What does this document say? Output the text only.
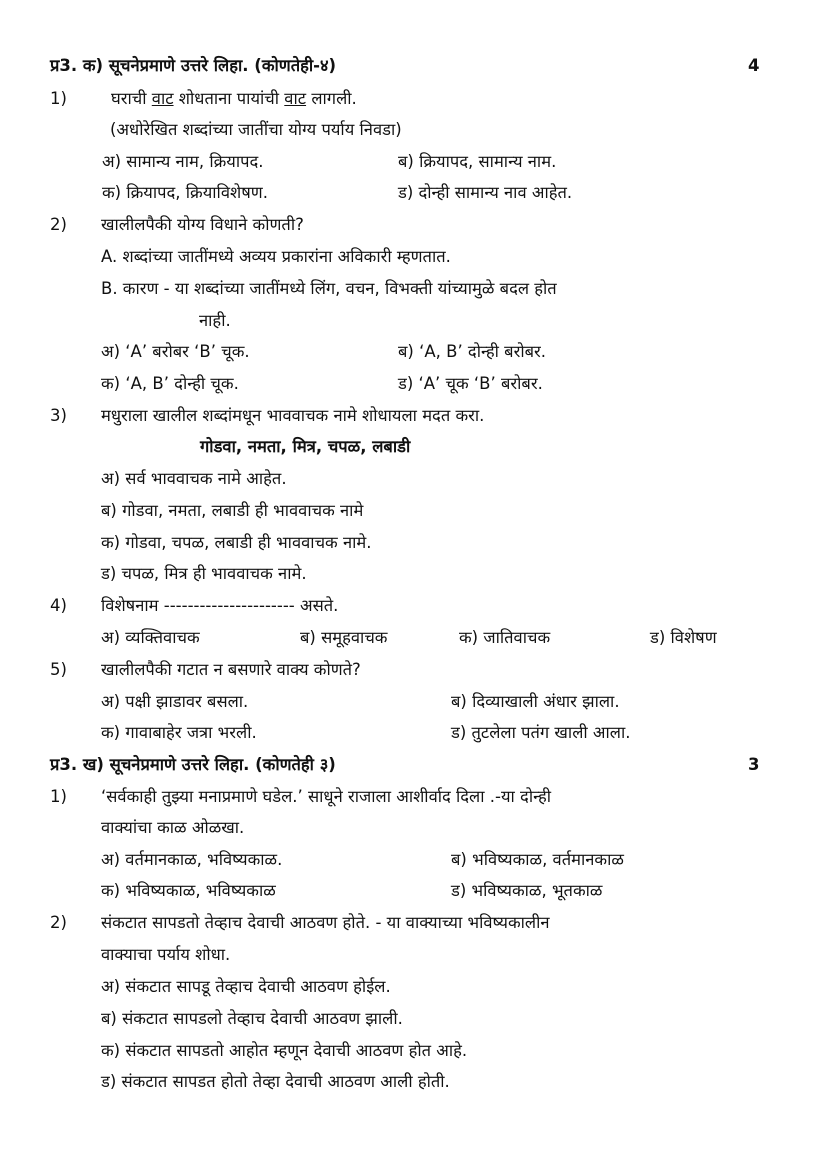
प्र3. क) सूचनेप्रमाणे उत्तरे लिहा. (कोणतेही-४)	4
1)	घराची वाट शोधताना पायांची वाट लागली.
(अधोरेखित शब्दांच्या जातींचा योग्य पर्याय निवडा)
अ) सामान्य नाम, क्रियापद.	ब) क्रियापद, सामान्य नाम.
क) क्रियापद, क्रियाविशेषण.	ड) दोन्ही सामान्य नाव आहेत.
2) खालीलपैकी योग्य विधाने कोणती?
A. शब्दांच्या जातींमध्ये अव्यय प्रकारांना अविकारी म्हणतात.
B. कारण - या शब्दांच्या जातींमध्ये लिंग, वचन, विभक्ती यांच्यामुळे बदल होत
नाही.
अ) ‘A’ बरोबर ‘B’ चूक.	ब) ‘A, B’ दोन्ही बरोबर.
क) ‘A, B’ दोन्ही चूक.	ड) ‘A’ चूक ‘B’ बरोबर.
3) मधुराला खालील शब्दांमधून भाववाचक नामे शोधायला मदत करा.
गोडवा, नमता, मित्र, चपळ, लबाडी
अ) सर्व भाववाचक नामे आहेत.
ब) गोडवा, नमता, लबाडी ही भाववाचक नामे
क) गोडवा, चपळ, लबाडी ही भाववाचक नामे.
ड) चपळ, मित्र ही भाववाचक नामे.
4) विशेषनाम ---------------------- असते.
अ) व्यक्तिवाचक	ब) समूहवाचक	क) जातिवाचक	ड) विशेषण
5) खालीलपैकी गटात न बसणारे वाक्य कोणते?
अ) पक्षी झाडावर बसला.	ब) दिव्याखाली अंधार झाला.
क) गावाबाहेर जत्रा भरली.	ड) तुटलेला पतंग खाली आला.
प्र3. ख) सूचनेप्रमाणे उत्तरे लिहा. (कोणतेही ३)	3
1) ‘सर्वकाही तुझ्या मनाप्रमाणे घडेल.’ साधूने राजाला आशीर्वाद दिला .-या दोन्ही
वाक्यांचा काळ ओळखा.
अ) वर्तमानकाळ, भविष्यकाळ.	ब) भविष्यकाळ, वर्तमानकाळ
क) भविष्यकाळ, भविष्यकाळ	ड) भविष्यकाळ, भूतकाळ
2) संकटात सापडतो तेव्हाच देवाची आठवण होते. - या वाक्याच्या भविष्यकालीन
वाक्याचा पर्याय शोधा.
अ) संकटात सापडू तेव्हाच देवाची आठवण होईल.
ब) संकटात सापडलो तेव्हाच देवाची आठवण झाली.
क) संकटात सापडतो आहोत म्हणून देवाची आठवण होत आहे.
ड) संकटात सापडत होतो तेव्हा देवाची आठवण आली होती.
